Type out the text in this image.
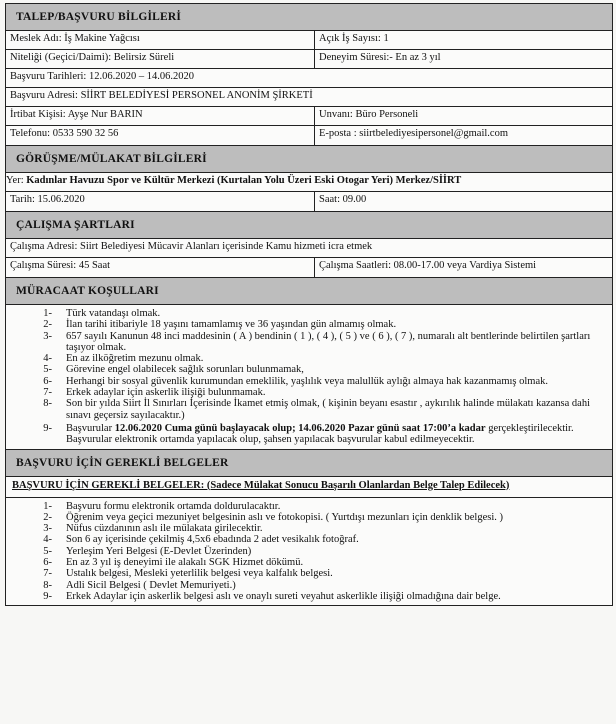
TALEP/BAŞVURU BİLGİLERİ
Meslek Adı: İş Makine Yağcısı	Açık İş Sayısı: 1
Niteliği (Geçici/Daimi): Belirsiz Süreli	Deneyim Süresi:- En az 3 yıl
Başvuru Tarihleri: 12.06.2020 – 14.06.2020
Başvuru Adresi: SİİRT BELEDİYESİ PERSONEL ANONİM ŞİRKETİ
İrtibat Kişisi: Ayşe Nur BARIN	Unvanı: Büro Personeli
Telefonu: 0533 590 32 56	E-posta : siirtbelediyesipersonel@gmail.com
GÖRÜŞME/MÜLAKAT BİLGİLERİ
Yer: Kadınlar Havuzu Spor ve Kültür Merkezi (Kurtalan Yolu Üzeri Eski Otogar Yeri) Merkez/SİİRT
Tarih: 15.06.2020	Saat: 09.00
ÇALIŞMA ŞARTLARI
Çalışma Adresi: Siirt Belediyesi Mücavir Alanları içerisinde Kamu hizmeti icra etmek
Çalışma Süresi: 45 Saat	Çalışma Saatleri: 08.00-17.00 veya Vardiya Sistemi
MÜRACAAT KOŞULLARI
1-	Türk vatandaşı olmak.
2-	İlan tarihi itibariyle 18 yaşını tamamlamış ve 36 yaşından gün almamış olmak.
3-	657 sayılı Kanunun 48 inci maddesinin ( A ) bendinin ( 1 ), ( 4 ), ( 5 ) ve ( 6 ), ( 7 ), numaralı alt bentlerinde belirtilen şartları taşıyor olmak.
4-	En az ilköğretim mezunu olmak.
5-	Görevine engel olabilecek sağlık sorunları bulunmamak,
6-	Herhangi bir sosyal güvenlik kurumundan emeklilik, yaşlılık veya malullük aylığı almaya hak kazanmamış olmak.
7-	Erkek adaylar için askerlik ilişiği bulunmamak.
8-	Son bir yılda Siirt İl Sınırları İçerisinde İkamet etmiş olmak, ( kişinin beyanı esastır , aykırılık halinde mülakatı kazansa dahi sınavı geçersiz sayılacaktır.)
9-	Başvurular 12.06.2020 Cuma günü başlayacak olup; 14.06.2020 Pazar günü saat 17:00’a kadar gerçekleştirilecektir. Başvurular elektronik ortamda yapılacak olup, şahsen yapılacak başvurular kabul edilmeyecektir.
BAŞVURU İÇİN GEREKLİ BELGELER
BAŞVURU İÇİN GEREKLİ BELGELER: (Sadece Mülakat Sonucu Başarılı Olanlardan Belge Talep Edilecek)
1-	Başvuru formu elektronik ortamda doldurulacaktır.
2-	Öğrenim veya geçici mezuniyet belgesinin aslı ve fotokopisi. ( Yurtdışı mezunları için denklik belgesi. )
3-	Nüfus cüzdanının aslı ile mülakata girilecektir.
4-	Son 6 ay içerisinde çekilmiş 4,5x6 ebadında 2 adet vesikalık fotoğraf.
5-	Yerleşim Yeri Belgesi (E-Devlet Üzerinden)
6-	En az 3 yıl iş deneyimi ile alakalı SGK Hizmet dökümü.
7-	Ustalık belgesi, Mesleki yeterlilik belgesi veya kalfalık belgesi.
8-	Adli Sicil Belgesi ( Devlet Memuriyeti.)
9-	Erkek Adaylar için askerlik belgesi aslı ve onaylı sureti veyahut askerlikle ilişiği olmadığına dair belge.
